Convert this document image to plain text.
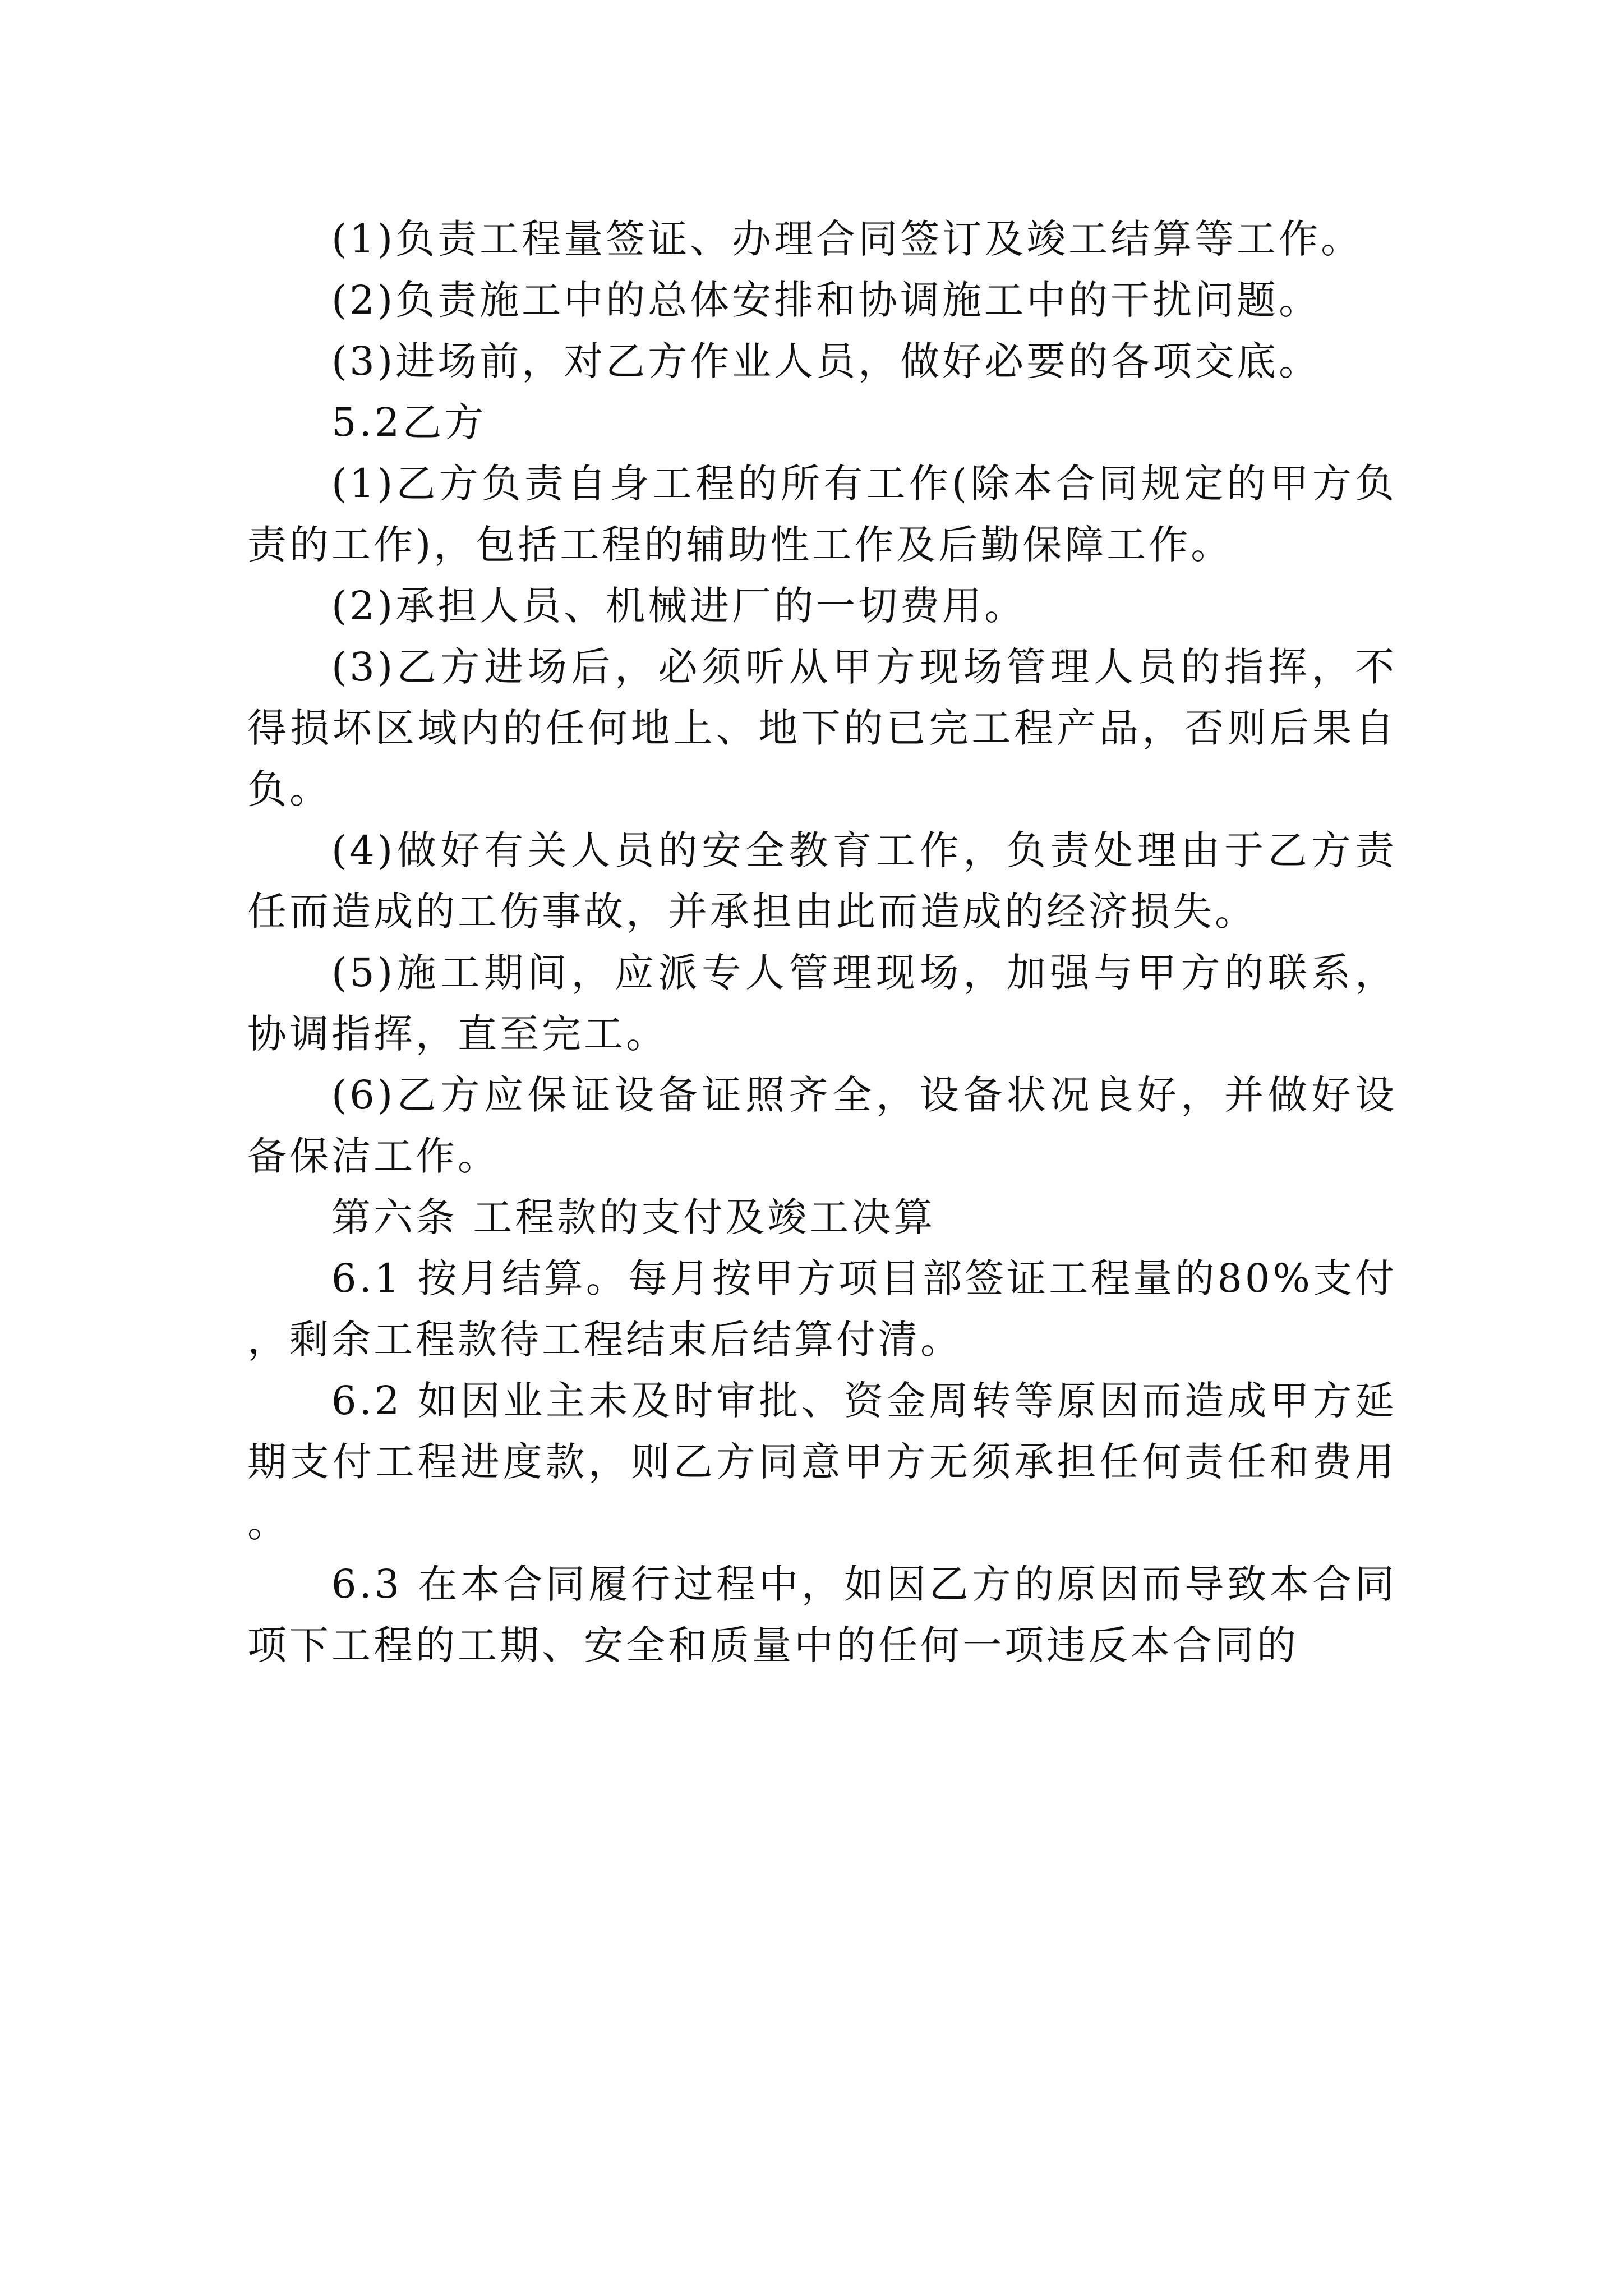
(1)负责工程量签证、办理合同签订及竣工结算等工作。

(2)负责施工中的总体安排和协调施工中的干扰问题。

(3)进场前，对乙方作业人员，做好必要的各项交底。

5.2乙方

(1)乙方负责自身工程的所有工作(除本合同规定的甲方负责的工作)，包括工程的辅助性工作及后勤保障工作。

(2)承担人员、机械进厂的一切费用。

(3)乙方进场后，必须听从甲方现场管理人员的指挥，不得损坏区域内的任何地上、地下的已完工程产品，否则后果自负。

(4)做好有关人员的安全教育工作，负责处理由于乙方责任而造成的工伤事故，并承担由此而造成的经济损失。

(5)施工期间，应派专人管理现场，加强与甲方的联系，协调指挥，直至完工。

(6)乙方应保证设备证照齐全，设备状况良好，并做好设备保洁工作。

第六条 工程款的支付及竣工决算

6.1 按月结算。每月按甲方项目部签证工程量的80%支付，剩余工程款待工程结束后结算付清。

6.2 如因业主未及时审批、资金周转等原因而造成甲方延期支付工程进度款，则乙方同意甲方无须承担任何责任和费用。

6.3 在本合同履行过程中，如因乙方的原因而导致本合同项下工程的工期、安全和质量中的任何一项违反本合同的
